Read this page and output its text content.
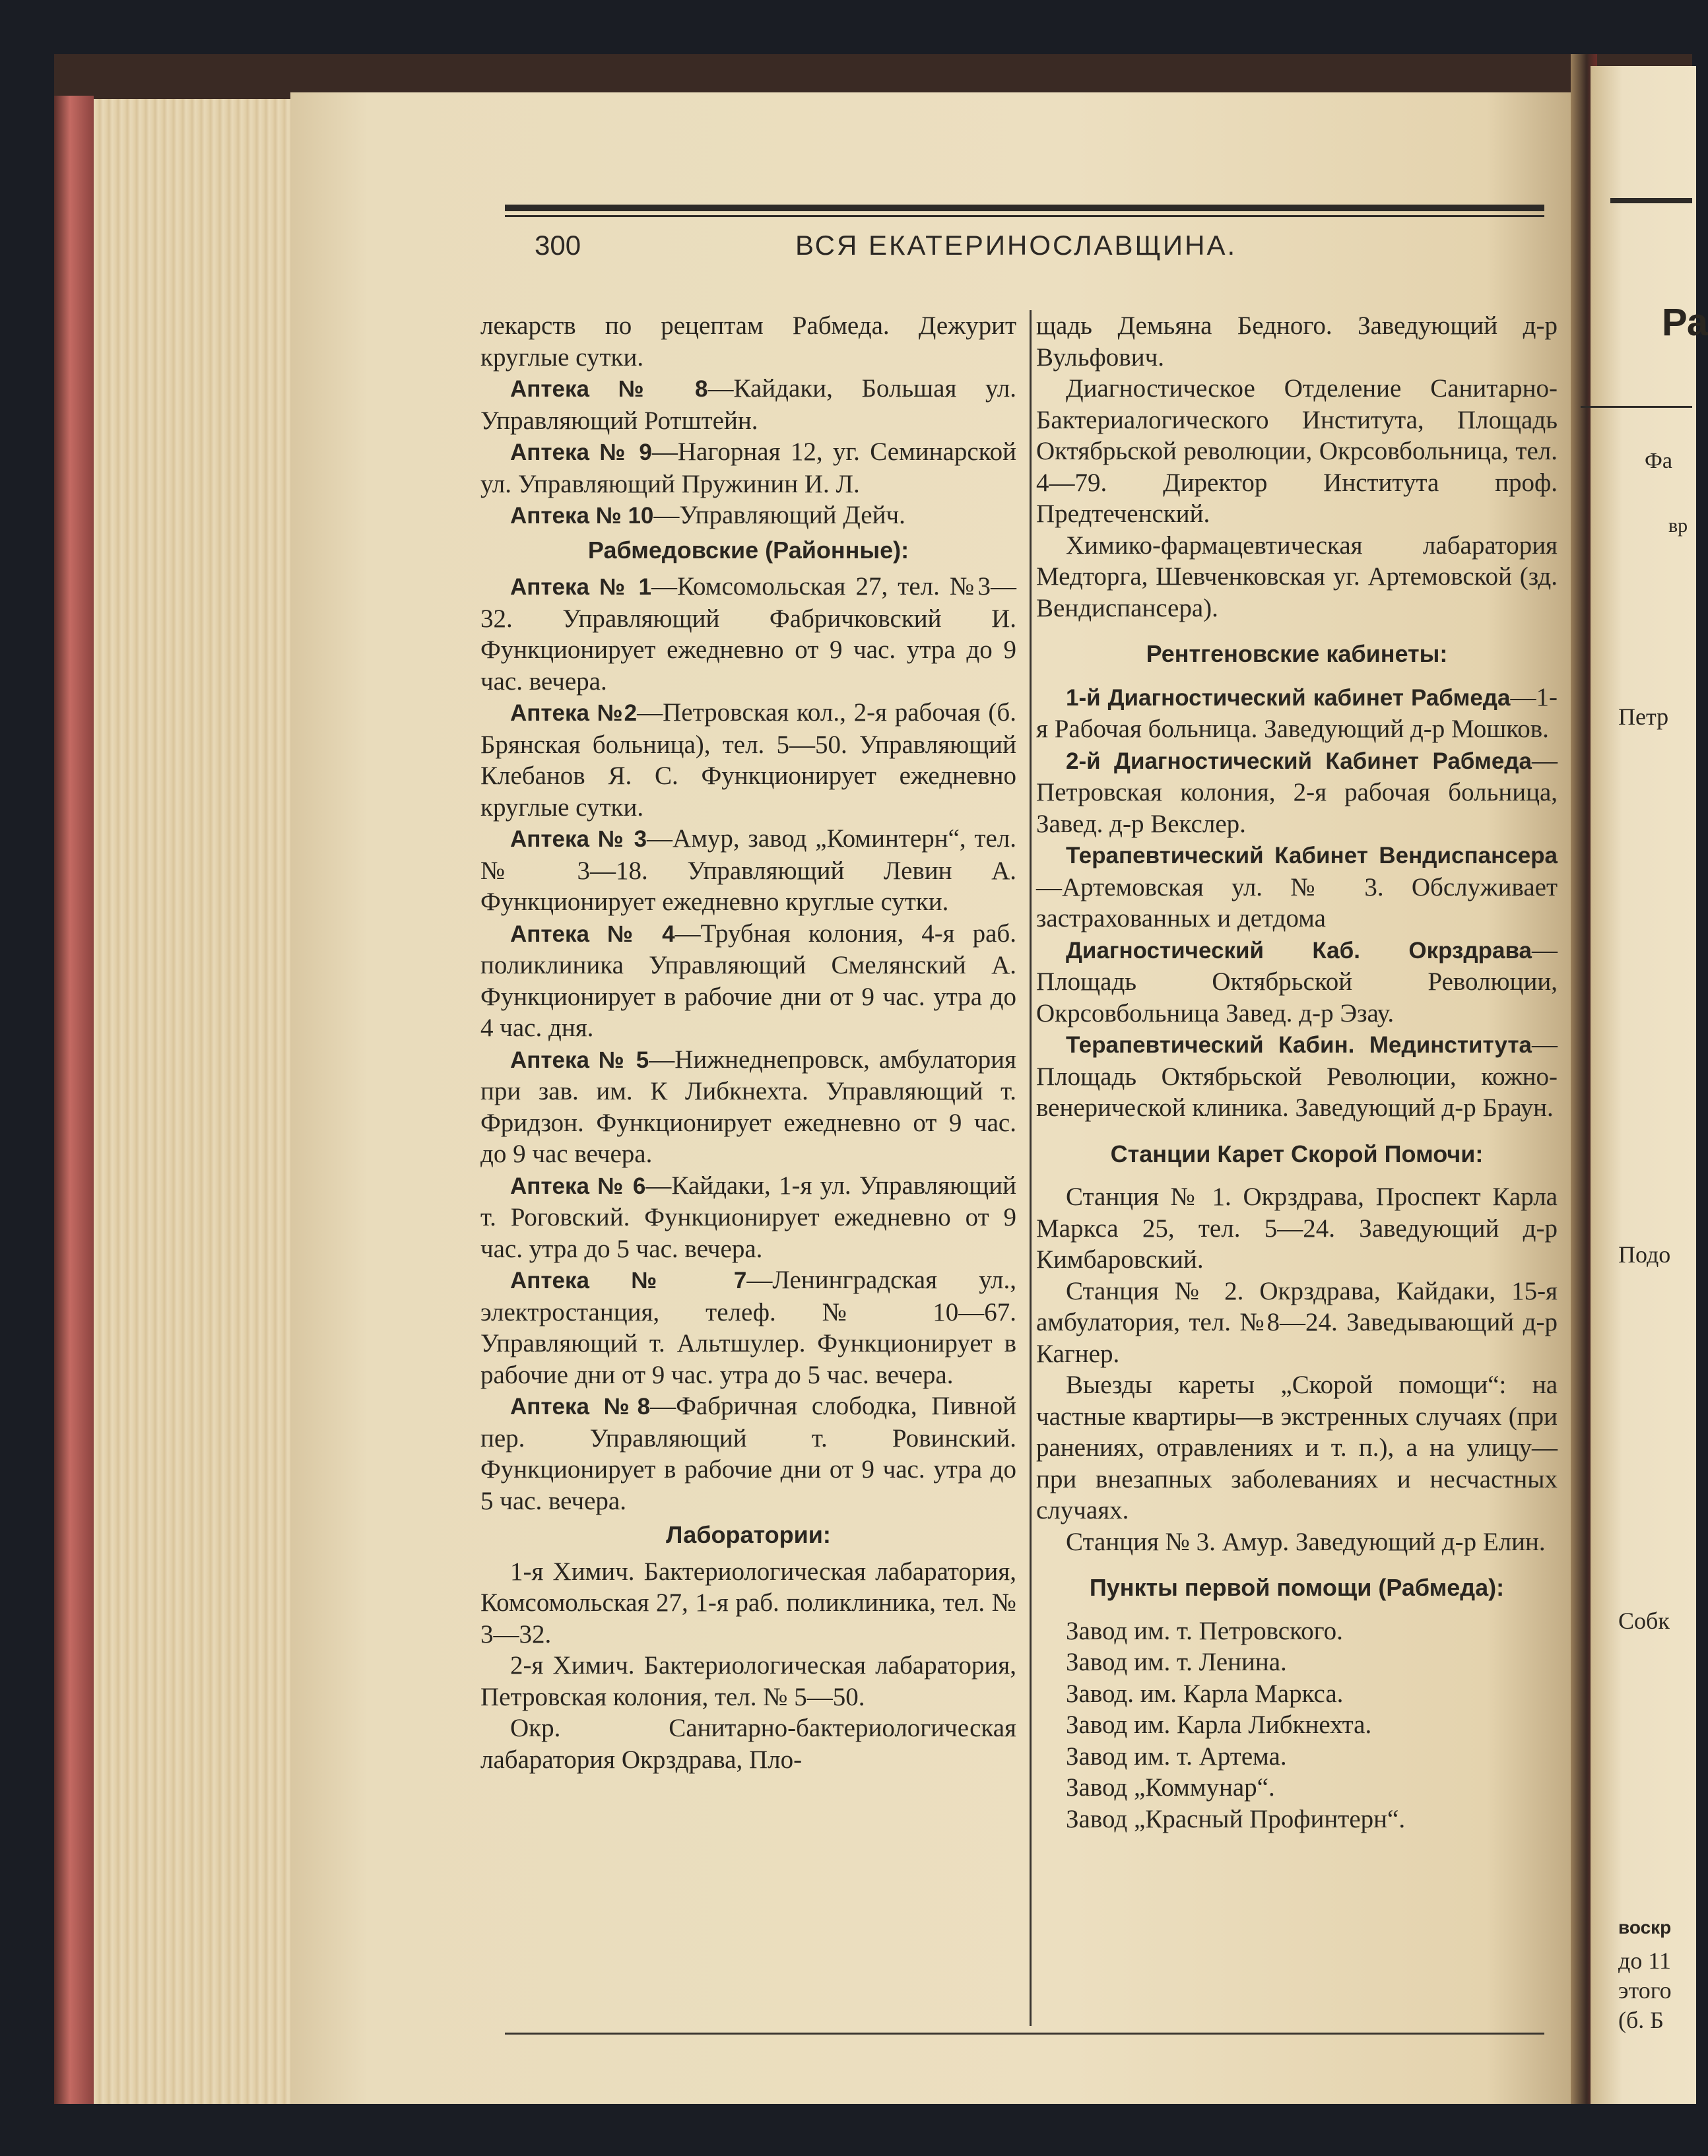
300	ВСЯ ЕКАТЕРИНОСЛАВЩИНА.

лекарств по рецептам Рабмеда. Дежурит круглые сутки.

Аптека № 8—Кайдаки, Большая ул. Управляющий Ротштейн.

Аптека № 9—Нагорная 12, уг. Семинарской ул. Управляющий Пружинин И. Л.

Аптека № 10—Управляющий Дейч.

Рабмедовские (Районные):

Аптека № 1—Комсомольская 27, тел. №3—32. Управляющий Фабричковский И. Функционирует ежедневно от 9 час. утра до 9 час. вечера.

Аптека №2—Петровская кол., 2-я рабочая (б. Брянская больница), тел. 5—50. Управляющий Клебанов Я. С. Функционирует ежедневно круглые сутки.

Аптека № 3—Амур, завод „Коминтерн“, тел. № 3—18. Управляющий Левин А. Функционирует ежедневно круглые сутки.

Аптека № 4—Трубная колония, 4-я раб. поликлиника Управляющий Смелянский А. Функционирует в рабочие дни от 9 час. утра до 4 час. дня.

Аптека № 5—Нижнеднепровск, амбулатория при зав. им. К Либкнехта. Управляющий т. Фридзон. Функционирует ежедневно от 9 час. до 9 час вечера.

Аптека № 6—Кайдаки, 1-я ул. Управляющий т. Роговский. Функционирует ежедневно от 9 час. утра до 5 час. вечера.

Аптека № 7—Ленинградская ул., электростанция, телеф. № 10—67. Управляющий т. Альтшулер. Функционирует в рабочие дни от 9 час. утра до 5 час. вечера.

Аптека №8—Фабричная слободка, Пивной пер. Управляющий т. Ровинский. Функционирует в рабочие дни от 9 час. утра до 5 час. вечера.

Лаборатории:

1-я Химич. Бактериологическая лабаратория, Комсомольская 27, 1-я раб. поликлиника, тел. № 3—32.

2-я Химич. Бактериологическая лабаратория, Петровская колония, тел. № 5—50.

Окр. Санитарно-бактериологическая лабаратория Окрздрава, Пло-

щадь Демьяна Бедного. Заведующий д-р Вульфович.

Диагностическое Отделение Санитарно-Бактериалогического Института, Площадь Октябрьской революции, Окрсовбольница, тел. 4—79. Директор Института проф. Предтеченский.

Химико-фармацевтическая лабаратория Медторга, Шевченковская уг. Артемовской (зд. Вендиспансера).

Рентгеновские кабинеты:

1-й Диагностический кабинет Рабмеда—1-я Рабочая больница. Заведующий д-р Мошков.

2-й Диагностический Кабинет Рабмеда—Петровская колония, 2-я рабочая больница, Завед. д-р Векслер.

Терапевтический Кабинет Вендиспансера—Артемовская ул. № 3. Обслуживает застрахованных и детдома

Диагностический Каб. Окрздрава—Площадь Октябрьской Революции, Окрсовбольница Завед. д-р Эзау.

Терапевтический Кабин. Мединститута—Площадь Октябрьской Революции, кожно-венерической клиника. Заведующий д-р Браун.

Станции Карет Скорой Помочи:

Станция № 1. Окрздрава, Проспект Карла Маркса 25, тел. 5—24. Заведующий д-р Кимбаровский.

Станция № 2. Окрздрава, Кайдаки, 15-я амбулатория, тел. №8—24. Заведывающий д-р Кагнер.

Выезды кареты „Скорой помощи“: на частные квартиры—в экстренных случаях (при ранениях, отравлениях и т. п.), а на улицу—при внезапных заболеваниях и несчастных случаях.

Станция № 3. Амур. Заведующий д-р Елин.

Пункты первой помощи (Рабмеда):

Завод им. т. Петровского.

Завод им. т. Ленина.

Завод. им. Карла Маркса.

Завод им. Карла Либкнехта.

Завод им. т. Артема.

Завод „Коммунар“.

Завод „Красный Профинтерн“.

Ра
Фа
вр
Петр
Подо
Собк
воскр
до 11
этого
(б. Б
